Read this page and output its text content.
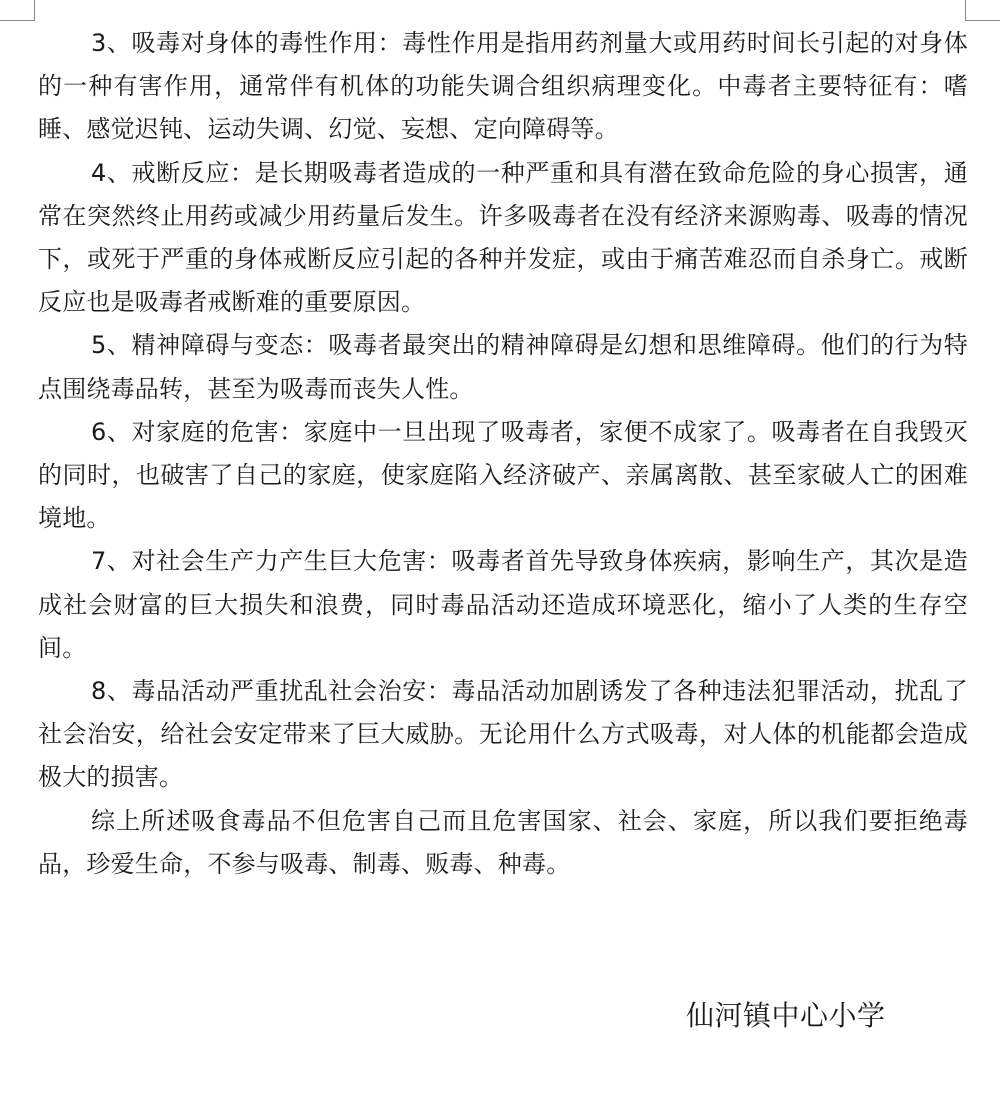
3、吸毒对身体的毒性作用：毒性作用是指用药剂量大或用药时间长引起的对身体的一种有害作用，通常伴有机体的功能失调合组织病理变化。中毒者主要特征有：嗜睡、感觉迟钝、运动失调、幻觉、妄想、定向障碍等。

4、戒断反应：是长期吸毒者造成的一种严重和具有潜在致命危险的身心损害，通常在突然终止用药或减少用药量后发生。许多吸毒者在没有经济来源购毒、吸毒的情况下，或死于严重的身体戒断反应引起的各种并发症，或由于痛苦难忍而自杀身亡。戒断反应也是吸毒者戒断难的重要原因。

5、精神障碍与变态：吸毒者最突出的精神障碍是幻想和思维障碍。他们的行为特点围绕毒品转，甚至为吸毒而丧失人性。

6、对家庭的危害：家庭中一旦出现了吸毒者，家便不成家了。吸毒者在自我毁灭的同时，也破害了自己的家庭，使家庭陷入经济破产、亲属离散、甚至家破人亡的困难境地。

7、对社会生产力产生巨大危害：吸毒者首先导致身体疾病，影响生产，其次是造成社会财富的巨大损失和浪费，同时毒品活动还造成环境恶化，缩小了人类的生存空间。

8、毒品活动严重扰乱社会治安：毒品活动加剧诱发了各种违法犯罪活动，扰乱了社会治安，给社会安定带来了巨大威胁。无论用什么方式吸毒，对人体的机能都会造成极大的损害。

综上所述吸食毒品不但危害自己而且危害国家、社会、家庭，所以我们要拒绝毒品，珍爱生命，不参与吸毒、制毒、贩毒、种毒。

仙河镇中心小学
